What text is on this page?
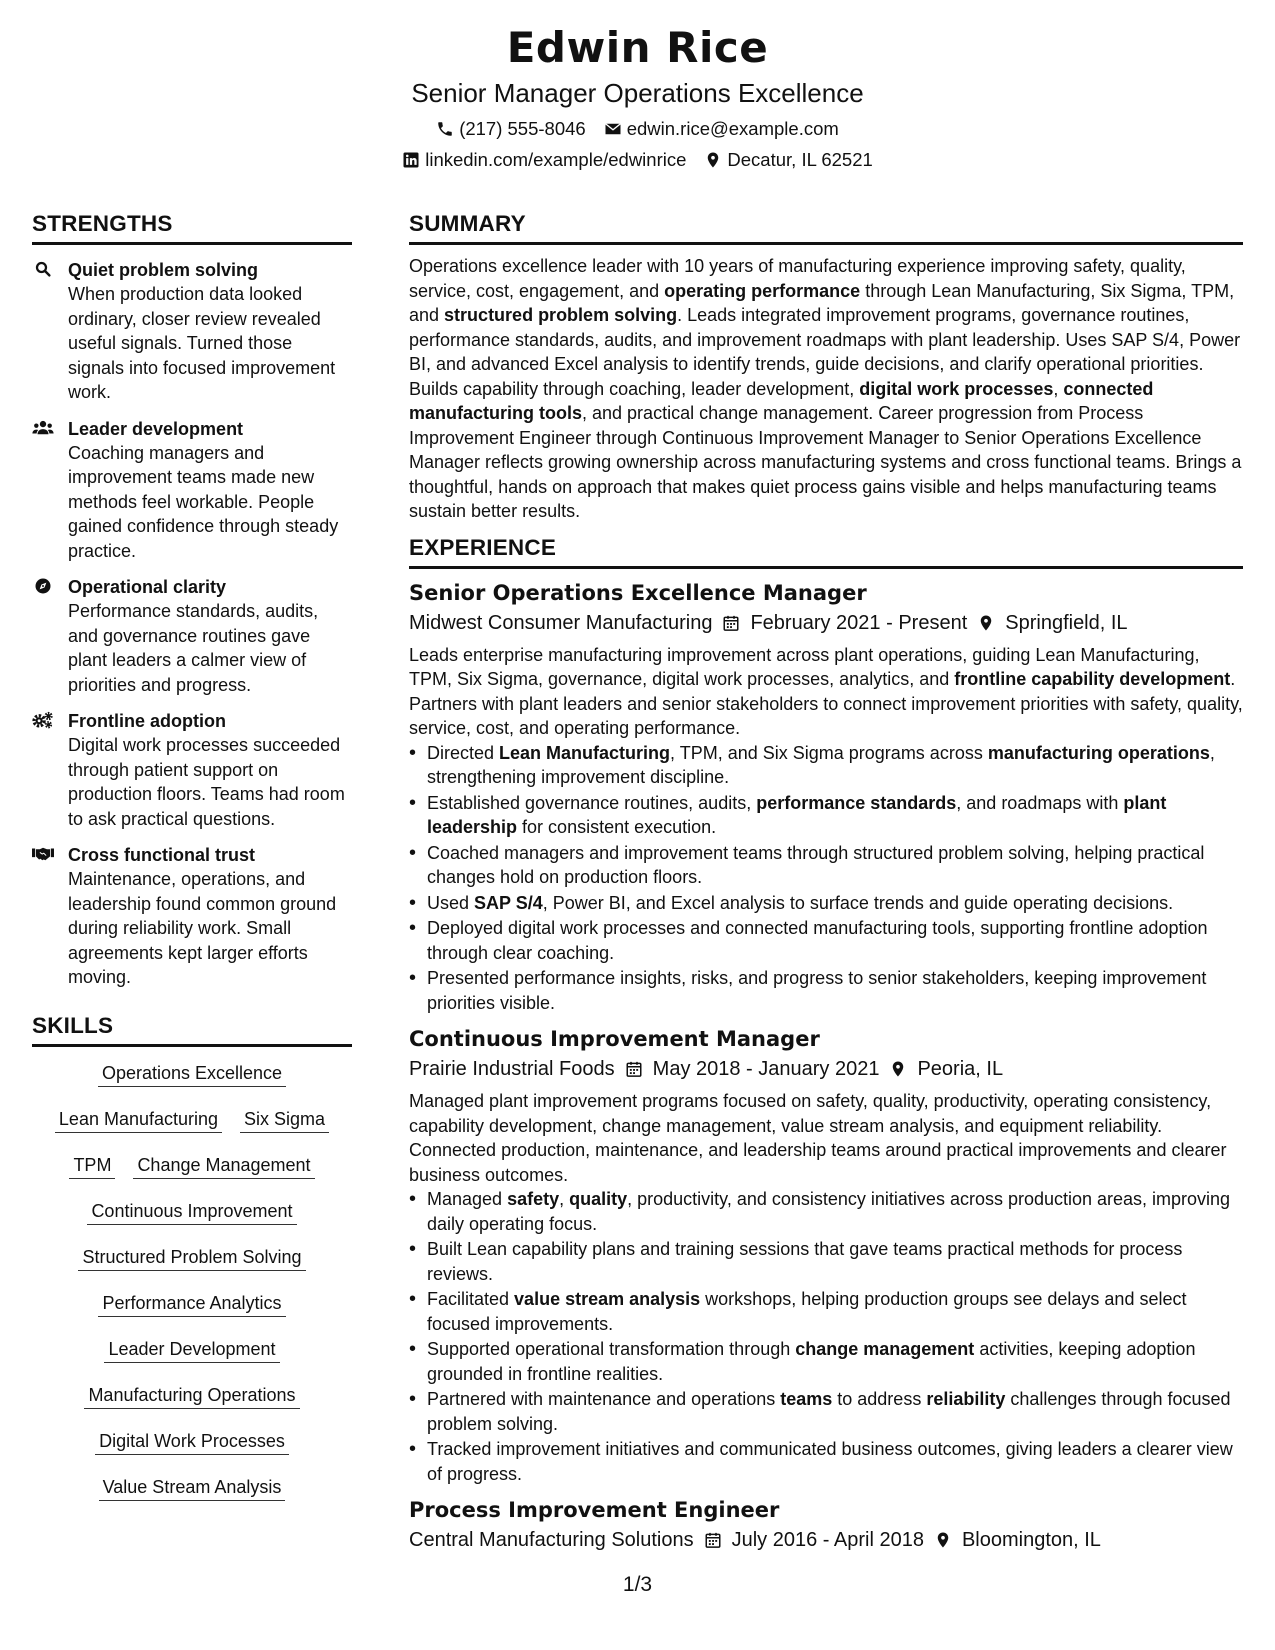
Edwin Rice
Senior Manager Operations Excellence
(217) 555-8046 edwin.rice@example.com
linkedin.com/example/edwinrice Decatur, IL 62521
STRENGTHS
Quiet problem solving
When production data looked ordinary, closer review revealed useful signals. Turned those signals into focused improvement work.
Leader development
Coaching managers and improvement teams made new methods feel workable. People gained confidence through steady practice.
Operational clarity
Performance standards, audits, and governance routines gave plant leaders a calmer view of priorities and progress.
Frontline adoption
Digital work processes succeeded through patient support on production floors. Teams had room to ask practical questions.
Cross functional trust
Maintenance, operations, and leadership found common ground during reliability work. Small agreements kept larger efforts moving.
SKILLS
Operations Excellence
Lean Manufacturing Six Sigma
TPM Change Management
Continuous Improvement
Structured Problem Solving
Performance Analytics
Leader Development
Manufacturing Operations
Digital Work Processes
Value Stream Analysis
SUMMARY
Operations excellence leader with 10 years of manufacturing experience improving safety, quality, service, cost, engagement, and operating performance through Lean Manufacturing, Six Sigma, TPM, and structured problem solving. Leads integrated improvement programs, governance routines, performance standards, audits, and improvement roadmaps with plant leadership. Uses SAP S/4, Power BI, and advanced Excel analysis to identify trends, guide decisions, and clarify operational priorities. Builds capability through coaching, leader development, digital work processes, connected manufacturing tools, and practical change management. Career progression from Process Improvement Engineer through Continuous Improvement Manager to Senior Operations Excellence Manager reflects growing ownership across manufacturing systems and cross functional teams. Brings a thoughtful, hands on approach that makes quiet process gains visible and helps manufacturing teams sustain better results.
EXPERIENCE
Senior Operations Excellence Manager
Midwest Consumer Manufacturing February 2021 - Present Springfield, IL
Leads enterprise manufacturing improvement across plant operations, guiding Lean Manufacturing, TPM, Six Sigma, governance, digital work processes, analytics, and frontline capability development. Partners with plant leaders and senior stakeholders to connect improvement priorities with safety, quality, service, cost, and operating performance.
• Directed Lean Manufacturing, TPM, and Six Sigma programs across manufacturing operations, strengthening improvement discipline.
• Established governance routines, audits, performance standards, and roadmaps with plant leadership for consistent execution.
• Coached managers and improvement teams through structured problem solving, helping practical changes hold on production floors.
• Used SAP S/4, Power BI, and Excel analysis to surface trends and guide operating decisions.
• Deployed digital work processes and connected manufacturing tools, supporting frontline adoption through clear coaching.
• Presented performance insights, risks, and progress to senior stakeholders, keeping improvement priorities visible.
Continuous Improvement Manager
Prairie Industrial Foods May 2018 - January 2021 Peoria, IL
Managed plant improvement programs focused on safety, quality, productivity, operating consistency, capability development, change management, value stream analysis, and equipment reliability. Connected production, maintenance, and leadership teams around practical improvements and clearer business outcomes.
• Managed safety, quality, productivity, and consistency initiatives across production areas, improving daily operating focus.
• Built Lean capability plans and training sessions that gave teams practical methods for process reviews.
• Facilitated value stream analysis workshops, helping production groups see delays and select focused improvements.
• Supported operational transformation through change management activities, keeping adoption grounded in frontline realities.
• Partnered with maintenance and operations teams to address reliability challenges through focused problem solving.
• Tracked improvement initiatives and communicated business outcomes, giving leaders a clearer view of progress.
Process Improvement Engineer
Central Manufacturing Solutions July 2016 - April 2018 Bloomington, IL
1/3
